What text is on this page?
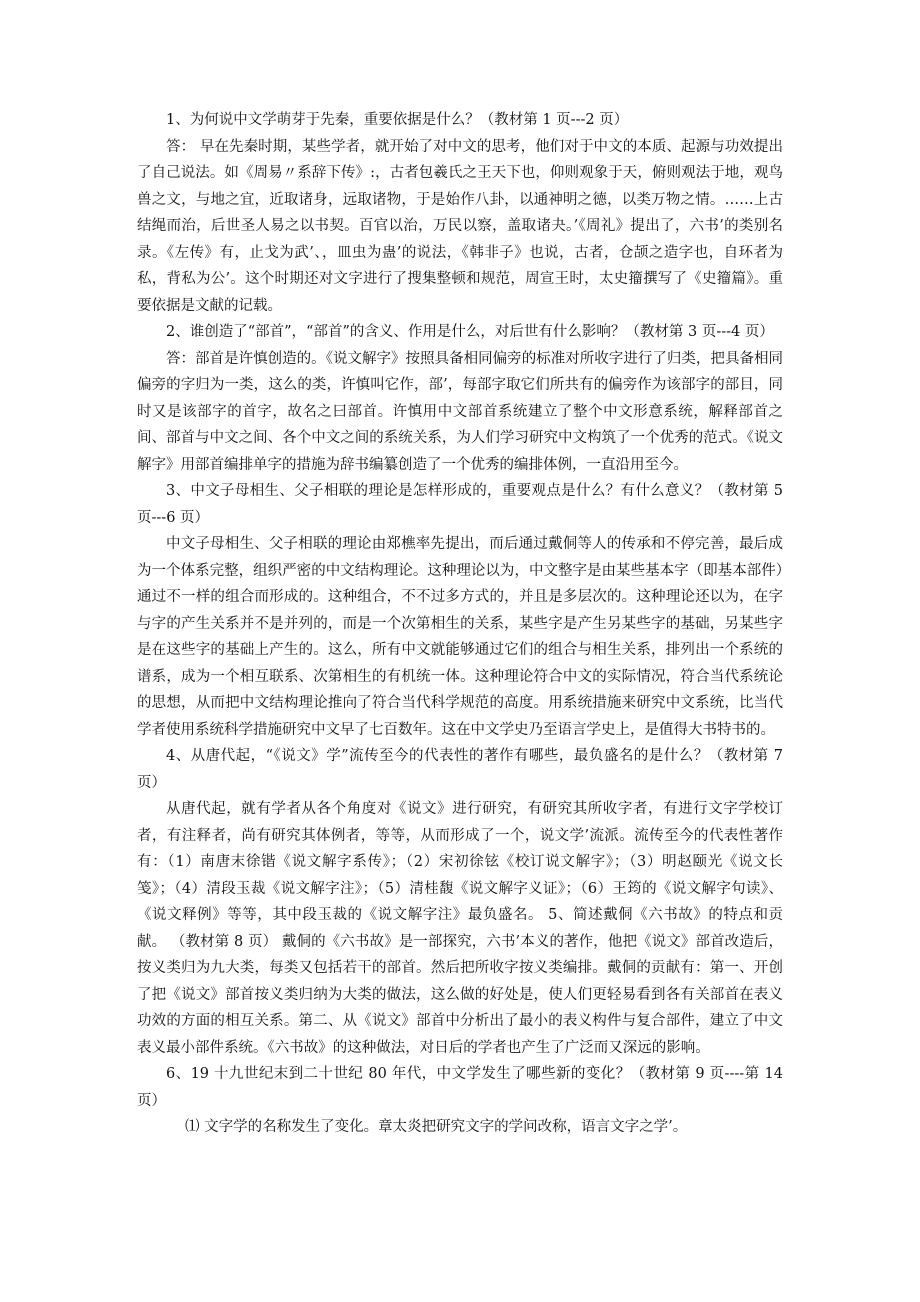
1、为何说中文学萌芽于先秦，重要依据是什么？（教材第 1 页---2 页）

答： 早在先秦时期，某些学者，就开始了对中文的思考，他们对于中文的本质、起源与功效提出了自己说法。如《周易〃系辞下传》:，古者包羲氏之王天下也，仰则观象于天，俯则观法于地，观鸟兽之文，与地之宜，近取诸身，远取诸物，于是始作八卦，以通神明之德，以类万物之情。……上古结绳而治，后世圣人易之以书契。百官以治，万民以察，盖取诸夬。’《周礼》提出了，六书’的类别名录。《左传》有，止戈为武’、，皿虫为蛊’的说法，《韩非子》也说，古者，仓颉之造字也，自环者为私，背私为公’。这个时期还对文字进行了搜集整顿和规范，周宣王时，太史籀撰写了《史籀篇》。重要依据是文献的记载。

2、谁创造了“部首”，“部首”的含义、作用是什么，对后世有什么影响？（教材第 3 页---4 页）

答：部首是许慎创造的。《说文解字》按照具备相同偏旁的标准对所收字进行了归类，把具备相同偏旁的字归为一类，这么的类，许慎叫它作，部’，每部字取它们所共有的偏旁作为该部字的部目，同时又是该部字的首字，故名之曰部首。许慎用中文部首系统建立了整个中文形意系统，解释部首之间、部首与中文之间、各个中文之间的系统关系，为人们学习研究中文构筑了一个优秀的范式。《说文解字》用部首编排单字的措施为辞书编纂创造了一个优秀的编排体例，一直沿用至今。

3、中文子母相生、父子相联的理论是怎样形成的，重要观点是什么？有什么意义？（教材第 5 页---6 页）

中文子母相生、父子相联的理论由郑樵率先提出，而后通过戴侗等人的传承和不停完善，最后成为一个体系完整，组织严密的中文结构理论。这种理论以为，中文整字是由某些基本字（即基本部件）通过不一样的组合而形成的。这种组合，不不过多方式的，并且是多层次的。这种理论还以为，在字与字的产生关系并不是并列的，而是一个次第相生的关系，某些字是产生另某些字的基础，另某些字是在这些字的基础上产生的。这么，所有中文就能够通过它们的组合与相生关系，排列出一个系统的谱系，成为一个相互联系、次第相生的有机统一体。这种理论符合中文的实际情况，符合当代系统论的思想，从而把中文结构理论推向了符合当代科学规范的高度。用系统措施来研究中文系统，比当代学者使用系统科学措施研究中文早了七百数年。这在中文学史乃至语言学史上，是值得大书特书的。

4、从唐代起，“《说文》学”流传至今的代表性的著作有哪些，最负盛名的是什么？（教材第 7 页）

从唐代起，就有学者从各个角度对《说文》进行研究，有研究其所收字者，有进行文字学校订者，有注释者，尚有研究其体例者，等等，从而形成了一个，说文学’流派。流传至今的代表性著作有：（1）南唐末徐锴《说文解字系传》；（2）宋初徐铉《校订说文解字》；（3）明赵颐光《说文长笺》；（4）清段玉裁《说文解字注》；（5）清桂馥《说文解字义证》；（6）王筠的《说文解字句读》、《说文释例》等等，其中段玉裁的《说文解字注》最负盛名。 5、简述戴侗《六书故》的特点和贡献。 （教材第 8 页） 戴侗的《六书故》是一部探究，六书’本义的著作，他把《说文》部首改造后，按义类归为九大类，每类又包括若干的部首。然后把所收字按义类编排。戴侗的贡献有：第一、开创了把《说文》部首按义类归纳为大类的做法，这么做的好处是，使人们更轻易看到各有关部首在表义功效的方面的相互关系。第二、从《说文》部首中分析出了最小的表义构件与复合部件，建立了中文表义最小部件系统。《六书故》的这种做法，对日后的学者也产生了广泛而又深远的影响。

6、19 十九世纪末到二十世纪 80 年代，中文学发生了哪些新的变化？（教材第 9 页----第 14 页）

⑴ 文字学的名称发生了变化。章太炎把研究文字的学问改称，语言文字之学’。
